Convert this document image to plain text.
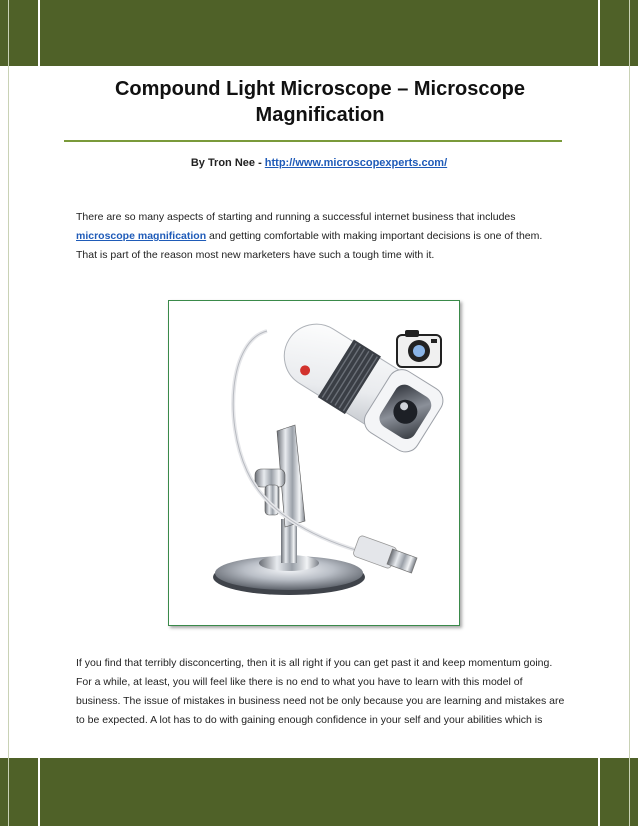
Compound Light Microscope – Microscope Magnification
By Tron Nee - http://www.microscopexperts.com/
There are so many aspects of starting and running a successful internet business that includes microscope magnification and getting comfortable with making important decisions is one of them. That is part of the reason most new marketers have such a tough time with it.
If you find that terribly disconcerting, then it is all right if you can get past it and keep momentum going. For a while, at least, you will feel like there is no end to what you have to learn with this model of business. The issue of mistakes in business need not be only because you are learning and mistakes are to be expected. A lot has to do with gaining enough confidence in your self and your abilities which is
